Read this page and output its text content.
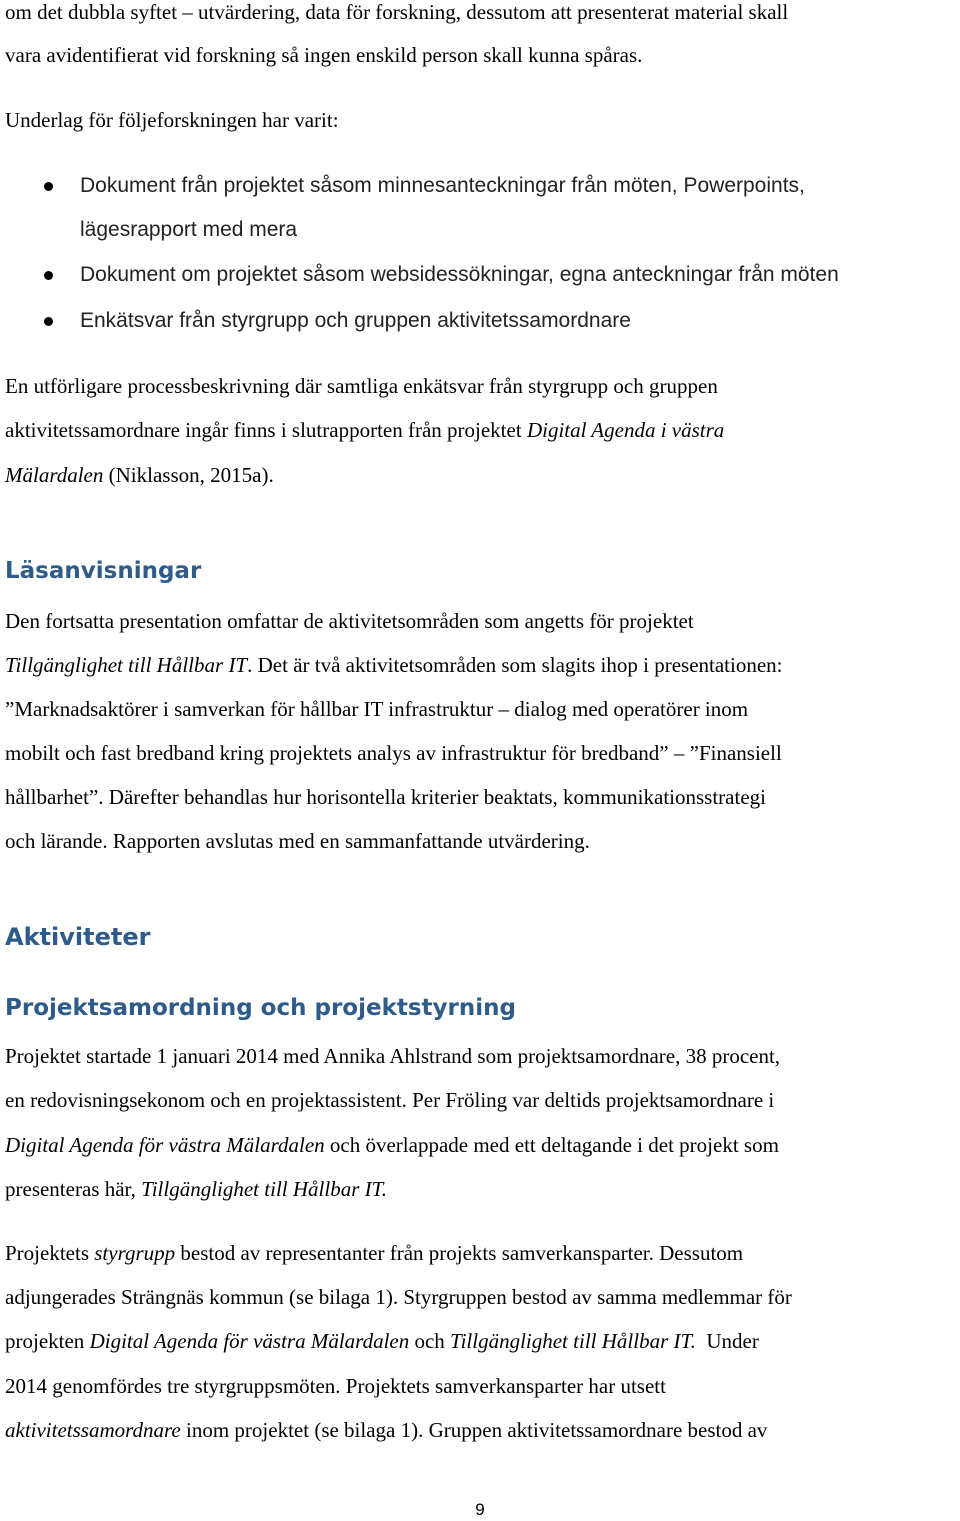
om det dubbla syftet – utvärdering, data för forskning, dessutom att presenterat material skall
vara avidentifierat vid forskning så ingen enskild person skall kunna spåras.
Underlag för följeforskningen har varit:
Dokument från projektet såsom minnesanteckningar från möten, Powerpoints,
lägesrapport med mera
Dokument om projektet såsom websidessökningar, egna anteckningar från möten
Enkätsvar från styrgrupp och gruppen aktivitetssamordnare
En utförligare processbeskrivning där samtliga enkätsvar från styrgrupp och gruppen
aktivitetssamordnare ingår finns i slutrapporten från projektet Digital Agenda i västra
Mälardalen (Niklasson, 2015a).
Läsanvisningar
Den fortsatta presentation omfattar de aktivitetsområden som angetts för projektet
Tillgänglighet till Hållbar IT. Det är två aktivitetsområden som slagits ihop i presentationen:
”Marknadsaktörer i samverkan för hållbar IT infrastruktur – dialog med operatörer inom
mobilt och fast bredband kring projektets analys av infrastruktur för bredband” – ”Finansiell
hållbarhet”. Därefter behandlas hur horisontella kriterier beaktats, kommunikationsstrategi
och lärande. Rapporten avslutas med en sammanfattande utvärdering.
Aktiviteter
Projektsamordning och projektstyrning
Projektet startade 1 januari 2014 med Annika Ahlstrand som projektsamordnare, 38 procent,
en redovisningsekonom och en projektassistent. Per Fröling var deltids projektsamordnare i
Digital Agenda för västra Mälardalen och överlappade med ett deltagande i det projekt som
presenteras här, Tillgänglighet till Hållbar IT.
Projektets styrgrupp bestod av representanter från projekts samverkansparter. Dessutom
adjungerades Strängnäs kommun (se bilaga 1). Styrgruppen bestod av samma medlemmar för
projekten Digital Agenda för västra Mälardalen och Tillgänglighet till Hållbar IT.  Under
2014 genomfördes tre styrgruppsmöten. Projektets samverkansparter har utsett
aktivitetssamordnare inom projektet (se bilaga 1). Gruppen aktivitetssamordnare bestod av
9
